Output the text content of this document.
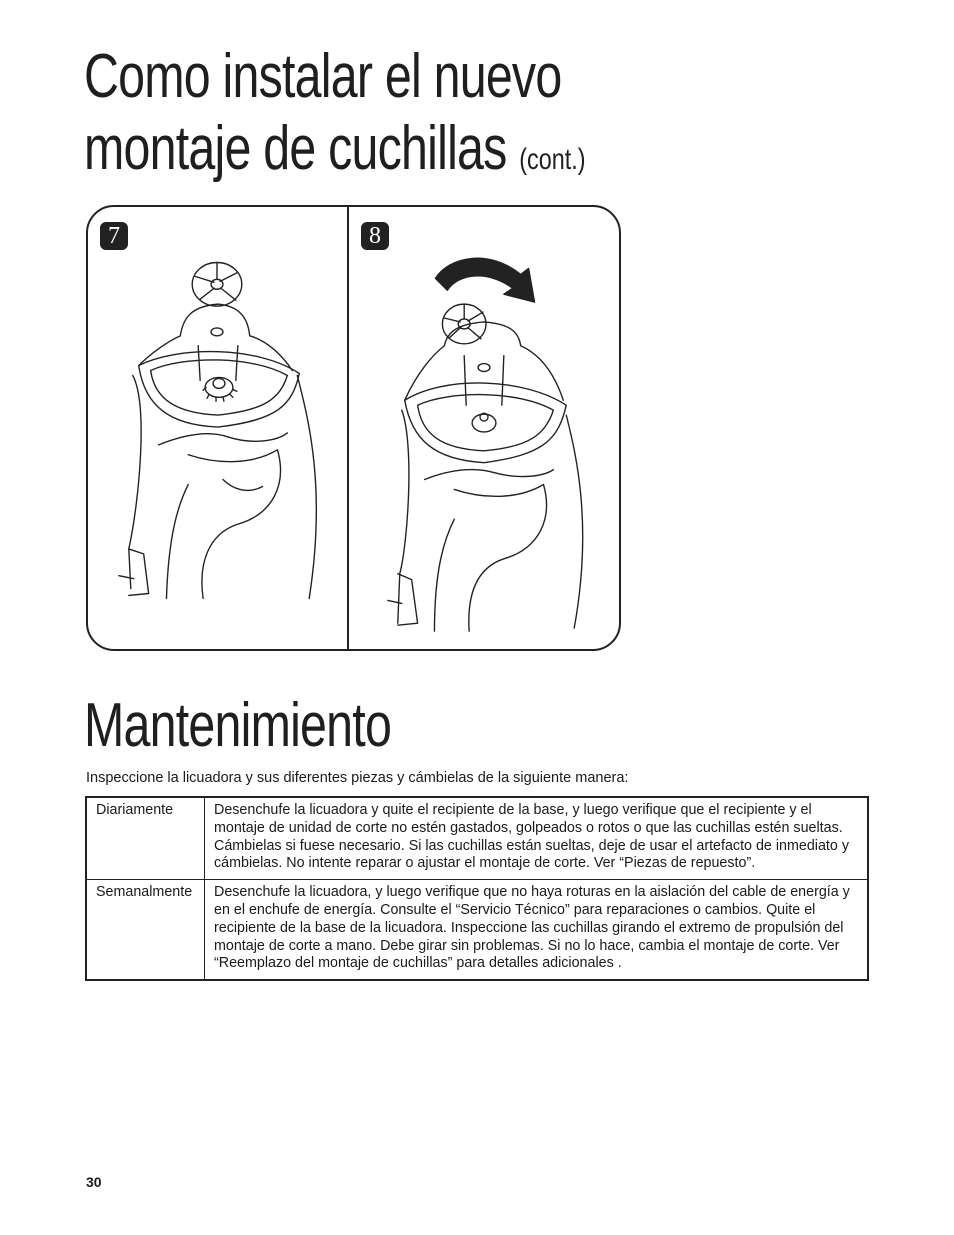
Como instalar el nuevo
montaje de cuchillas (cont.)
7	8
Mantenimiento

Inspeccione la licuadora y sus diferentes piezas y cámbielas de la siguiente manera:

Diariamente	Desenchufe la licuadora y quite el recipiente de la base, y luego verifique que el recipiente y el montaje de unidad de corte no estén gastados, golpeados o rotos o que las cuchillas estén sueltas. Cámbielas si fuese necesario. Si las cuchillas están sueltas, deje de usar el artefacto de inmediato y cámbielas. No intente reparar o ajustar el montaje de corte. Ver “Piezas de repuesto”.
Semanalmente	Desenchufe la licuadora, y luego verifique que no haya roturas en la aislación del cable de energía y en el enchufe de energía. Consulte el “Servicio Técnico” para reparaciones o cambios. Quite el recipiente de la base de la licuadora. Inspeccione las cuchillas girando el extremo de propulsión del montaje de corte a mano. Debe girar sin problemas. Si no lo hace, cambia el montaje de corte. Ver “Reemplazo del montaje de cuchillas” para detalles adicionales .

30
